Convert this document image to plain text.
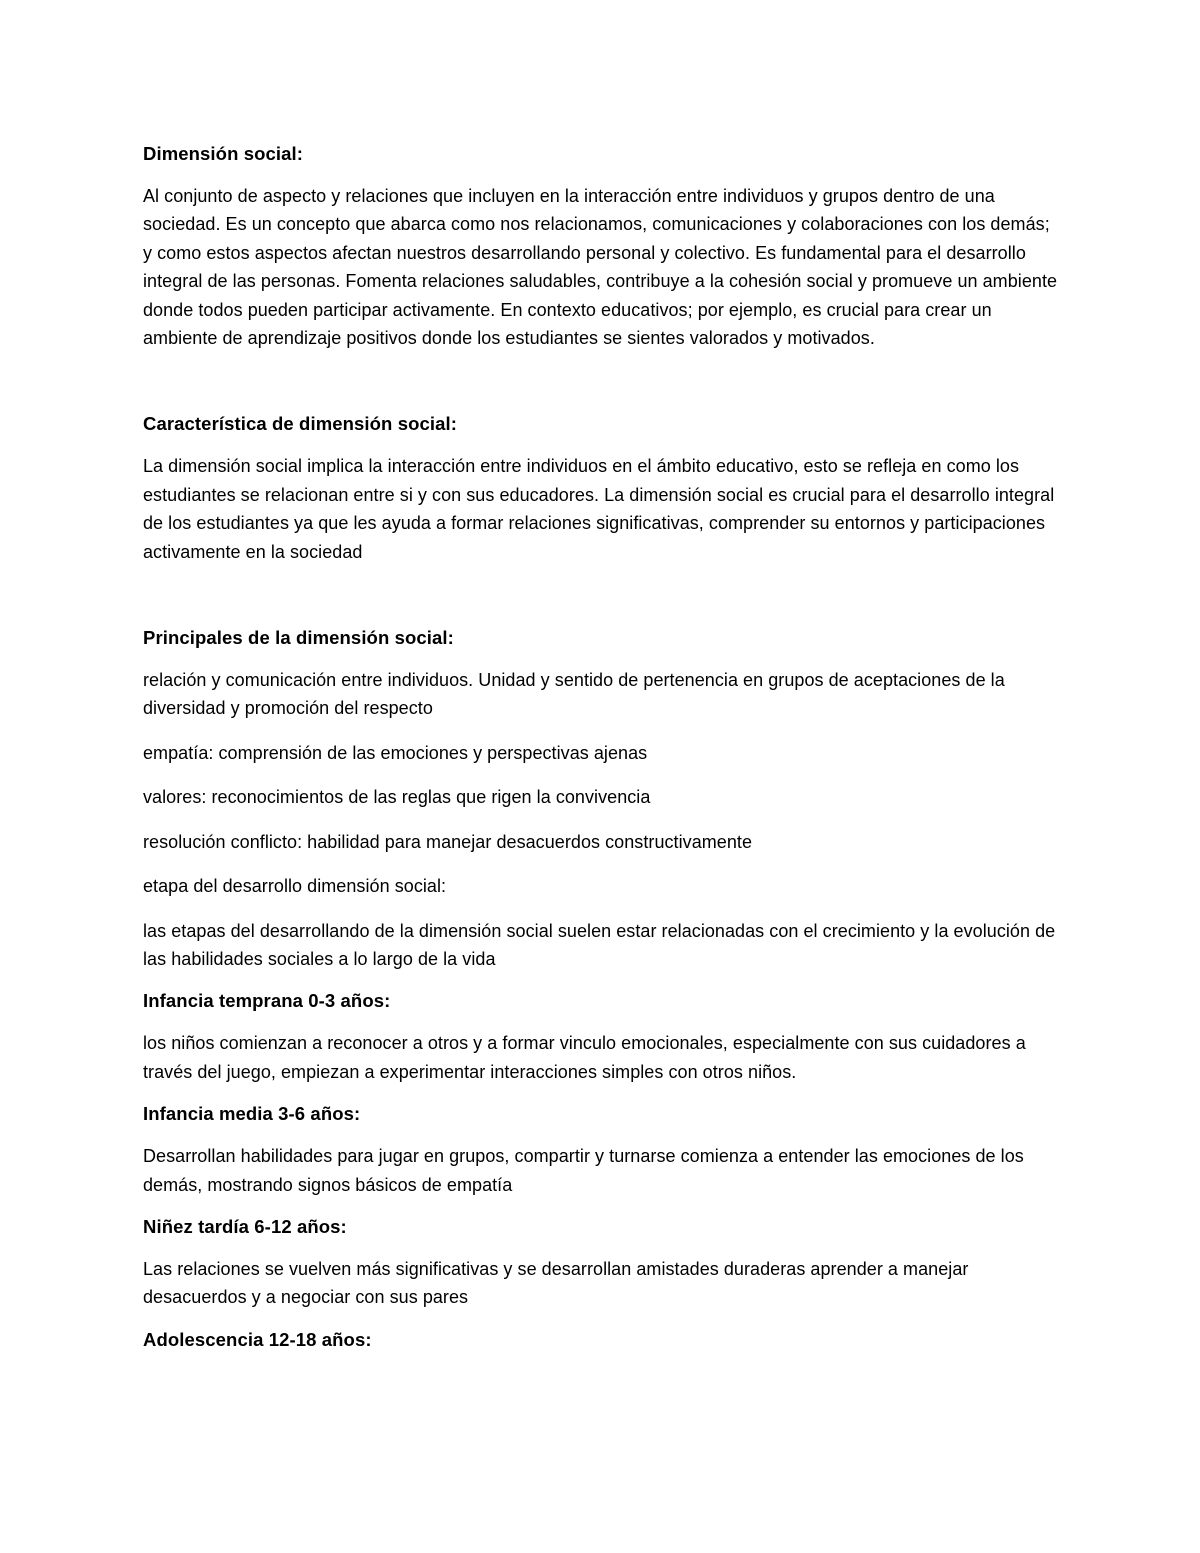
Dimensión social:

Al conjunto de aspecto y relaciones que incluyen en la interacción entre individuos y grupos dentro de una sociedad. Es un concepto que abarca como nos relacionamos, comunicaciones y colaboraciones con los demás; y como estos aspectos afectan nuestros desarrollando personal y colectivo. Es fundamental para el desarrollo integral de las personas. Fomenta relaciones saludables, contribuye a la cohesión social y promueve un ambiente donde todos pueden participar activamente. En contexto educativos; por ejemplo, es crucial para crear un ambiente de aprendizaje positivos donde los estudiantes se sientes valorados y motivados.

Característica de dimensión social:

La dimensión social implica la interacción entre individuos en el ámbito educativo, esto se refleja en como los estudiantes se relacionan entre si y con sus educadores. La dimensión social es crucial para el desarrollo integral de los estudiantes ya que les ayuda a formar relaciones significativas, comprender su entornos y participaciones activamente en la sociedad

Principales de la dimensión social:

relación y comunicación entre individuos. Unidad y sentido de pertenencia en grupos de aceptaciones de la diversidad y promoción del respecto

empatía: comprensión de las emociones y perspectivas ajenas

valores: reconocimientos de las reglas que rigen la convivencia

resolución conflicto: habilidad para manejar desacuerdos constructivamente

etapa del desarrollo dimensión social:

las etapas del desarrollando de la dimensión social suelen estar relacionadas con el crecimiento y la evolución de las habilidades sociales a lo largo de la vida

Infancia temprana 0-3 años:

los niños comienzan a reconocer a otros y a formar vinculo emocionales, especialmente con sus cuidadores a través del juego, empiezan a experimentar interacciones simples con otros niños.

Infancia media 3-6 años:

Desarrollan habilidades para jugar en grupos, compartir y turnarse comienza a entender las emociones de los demás, mostrando signos básicos de empatía

Niñez tardía 6-12 años:

Las relaciones se vuelven más significativas y se desarrollan amistades duraderas aprender a manejar desacuerdos y a negociar con sus pares

Adolescencia 12-18 años:
